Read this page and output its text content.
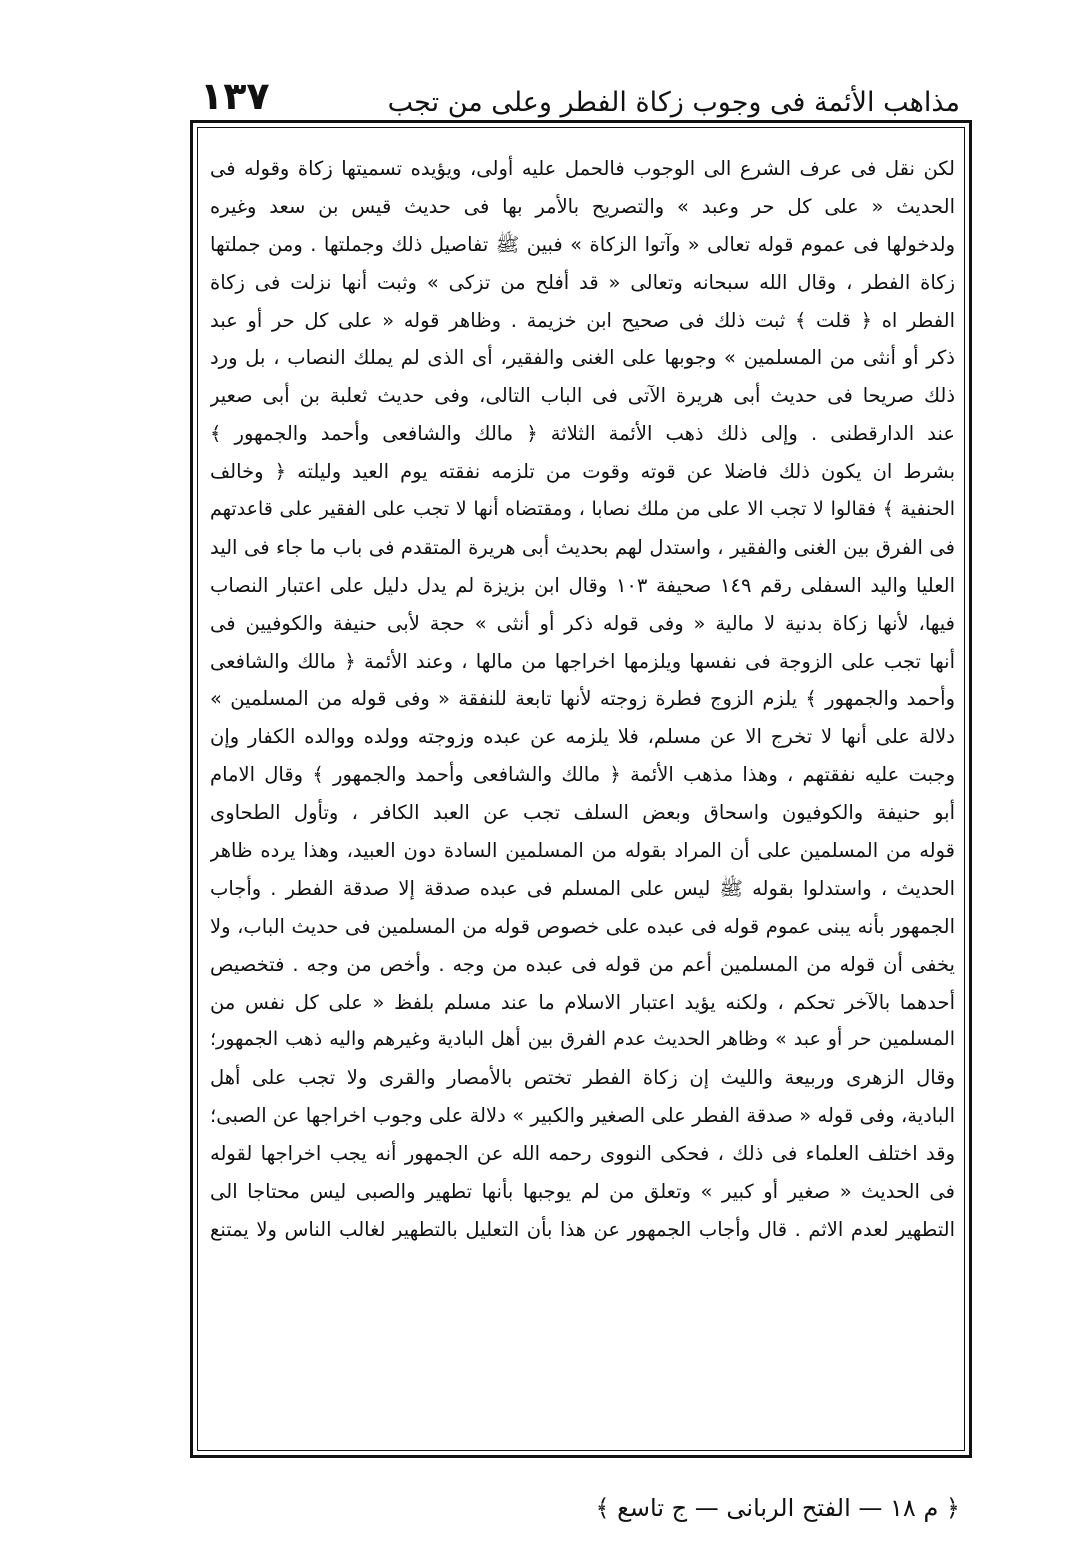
مذاهب الأئمة فى وجوب زكاة الفطر وعلى من تجب
١٣٧
لكن نقل فى عرف الشرع الى الوجوب فالحمل عليه أولى، ويؤيده تسميتها زكاة وقوله فى
الحديث « على كل حر وعبد » والتصريح بالأمر بها فى حديث قيس بن سعد وغيره
ولدخولها فى عموم قوله تعالى « وآتوا الزكاة » فبين ﷺ تفاصيل ذلك وجملتها . ومن جملتها
زكاة الفطر ، وقال الله سبحانه وتعالى « قد أفلح من تزكى » وثبت أنها نزلت فى زكاة
الفطر اه ﴿ قلت ﴾ ثبت ذلك فى صحيح ابن خزيمة . وظاهر قوله « على كل حر أو عبد
ذكر أو أنثى من المسلمين » وجوبها على الغنى والفقير، أى الذى لم يملك النصاب ، بل ورد
ذلك صريحا فى حديث أبى هريرة الآتى فى الباب التالى، وفى حديث ثعلبة بن أبى صعير
عند الدارقطنى . وإلى ذلك ذهب الأئمة الثلاثة ﴿ مالك والشافعى وأحمد والجمهور ﴾
بشرط ان يكون ذلك فاضلا عن قوته وقوت من تلزمه نفقته يوم العيد وليلته ﴿ وخالف
الحنفية ﴾ فقالوا لا تجب الا على من ملك نصابا ، ومقتضاه أنها لا تجب على الفقير على قاعدتهم
فى الفرق بين الغنى والفقير ، واستدل لهم بحديث أبى هريرة المتقدم فى باب ما جاء فى اليد
العليا واليد السفلى رقم ١٤٩ صحيفة ١٠٣ وقال ابن بزيزة لم يدل دليل على اعتبار النصاب
فيها، لأنها زكاة بدنية لا مالية « وفى قوله ذكر أو أنثى » حجة لأبى حنيفة والكوفيين فى
أنها تجب على الزوجة فى نفسها ويلزمها اخراجها من مالها ، وعند الأئمة ﴿ مالك والشافعى
وأحمد والجمهور ﴾ يلزم الزوج فطرة زوجته لأنها تابعة للنفقة « وفى قوله من المسلمين »
دلالة على أنها لا تخرج الا عن مسلم، فلا يلزمه عن عبده وزوجته وولده ووالده الكفار وإن
وجبت عليه نفقتهم ، وهذا مذهب الأئمة ﴿ مالك والشافعى وأحمد والجمهور ﴾ وقال الامام
أبو حنيفة والكوفيون واسحاق وبعض السلف تجب عن العبد الكافر ، وتأول الطحاوى
قوله من المسلمين على أن المراد بقوله من المسلمين السادة دون العبيد، وهذا يرده ظاهر
الحديث ، واستدلوا بقوله ﷺ ليس على المسلم فى عبده صدقة إلا صدقة الفطر . وأجاب
الجمهور بأنه يبنى عموم قوله فى عبده على خصوص قوله من المسلمين فى حديث الباب، ولا
يخفى أن قوله من المسلمين أعم من قوله فى عبده من وجه . وأخص من وجه . فتخصيص
أحدهما بالآخر تحكم ، ولكنه يؤيد اعتبار الاسلام ما عند مسلم بلفظ « على كل نفس من
المسلمين حر أو عبد » وظاهر الحديث عدم الفرق بين أهل البادية وغيرهم واليه ذهب الجمهور؛
وقال الزهرى وربيعة والليث إن زكاة الفطر تختص بالأمصار والقرى ولا تجب على أهل
البادية، وفى قوله « صدقة الفطر على الصغير والكبير » دلالة على وجوب اخراجها عن الصبى؛
وقد اختلف العلماء فى ذلك ، فحكى النووى رحمه الله عن الجمهور أنه يجب اخراجها لقوله
فى الحديث « صغير أو كبير » وتعلق من لم يوجبها بأنها تطهير والصبى ليس محتاجا الى
التطهير لعدم الاثم . قال وأجاب الجمهور عن هذا بأن التعليل بالتطهير لغالب الناس ولا يمتنع
﴿ م ١٨ — الفتح الربانى — ج تاسع ﴾
